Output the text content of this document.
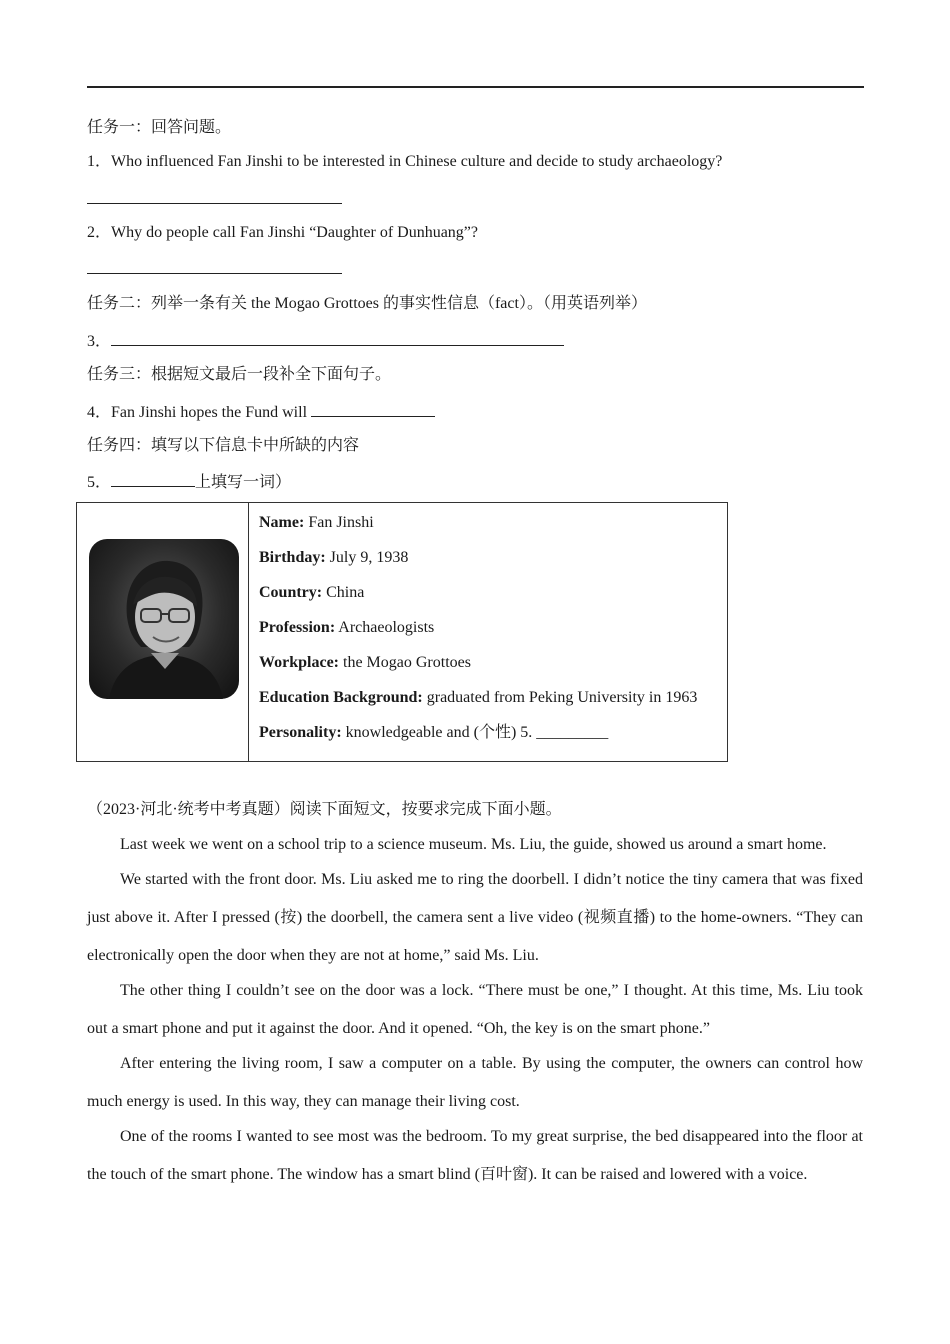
任务一：回答问题。
1．Who influenced Fan Jinshi to be interested in Chinese culture and decide to study archaeology?
2．Why do people call Fan Jinshi “Daughter of Dunhuang”?
任务二：列举一条有关 the Mogao Grottoes 的事实性信息（fact）。（用英语列举）
3．
任务三：根据短文最后一段补全下面句子。
4．Fan Jinshi hopes the Fund will
任务四：填写以下信息卡中所缺的内容
5．	上填写一词）
Name: Fan Jinshi
Birthday: July 9, 1938
Country: China
Profession: Archaeologists
Workplace: the Mogao Grottoes
Education Background: graduated from Peking University in 1963
Personality: knowledgeable and (个性) 5. _________
（2023·河北·统考中考真题）阅读下面短文，按要求完成下面小题。
Last week we went on a school trip to a science museum. Ms. Liu, the guide, showed us around a smart home.
We started with the front door. Ms. Liu asked me to ring the doorbell. I didn’t notice the tiny camera that was fixed just above it. After I pressed (按) the doorbell, the camera sent a live video (视频直播) to the home-owners. “They can electronically open the door when they are not at home,” said Ms. Liu.
The other thing I couldn’t see on the door was a lock. “There must be one,” I thought. At this time, Ms. Liu took out a smart phone and put it against the door. And it opened. “Oh, the key is on the smart phone.”
After entering the living room, I saw a computer on a table. By using the computer, the owners can control how much energy is used. In this way, they can manage their living cost.
One of the rooms I wanted to see most was the bedroom. To my great surprise, the bed disappeared into the floor at the touch of the smart phone. The window has a smart blind (百叶窗). It can be raised and lowered with a voice.
